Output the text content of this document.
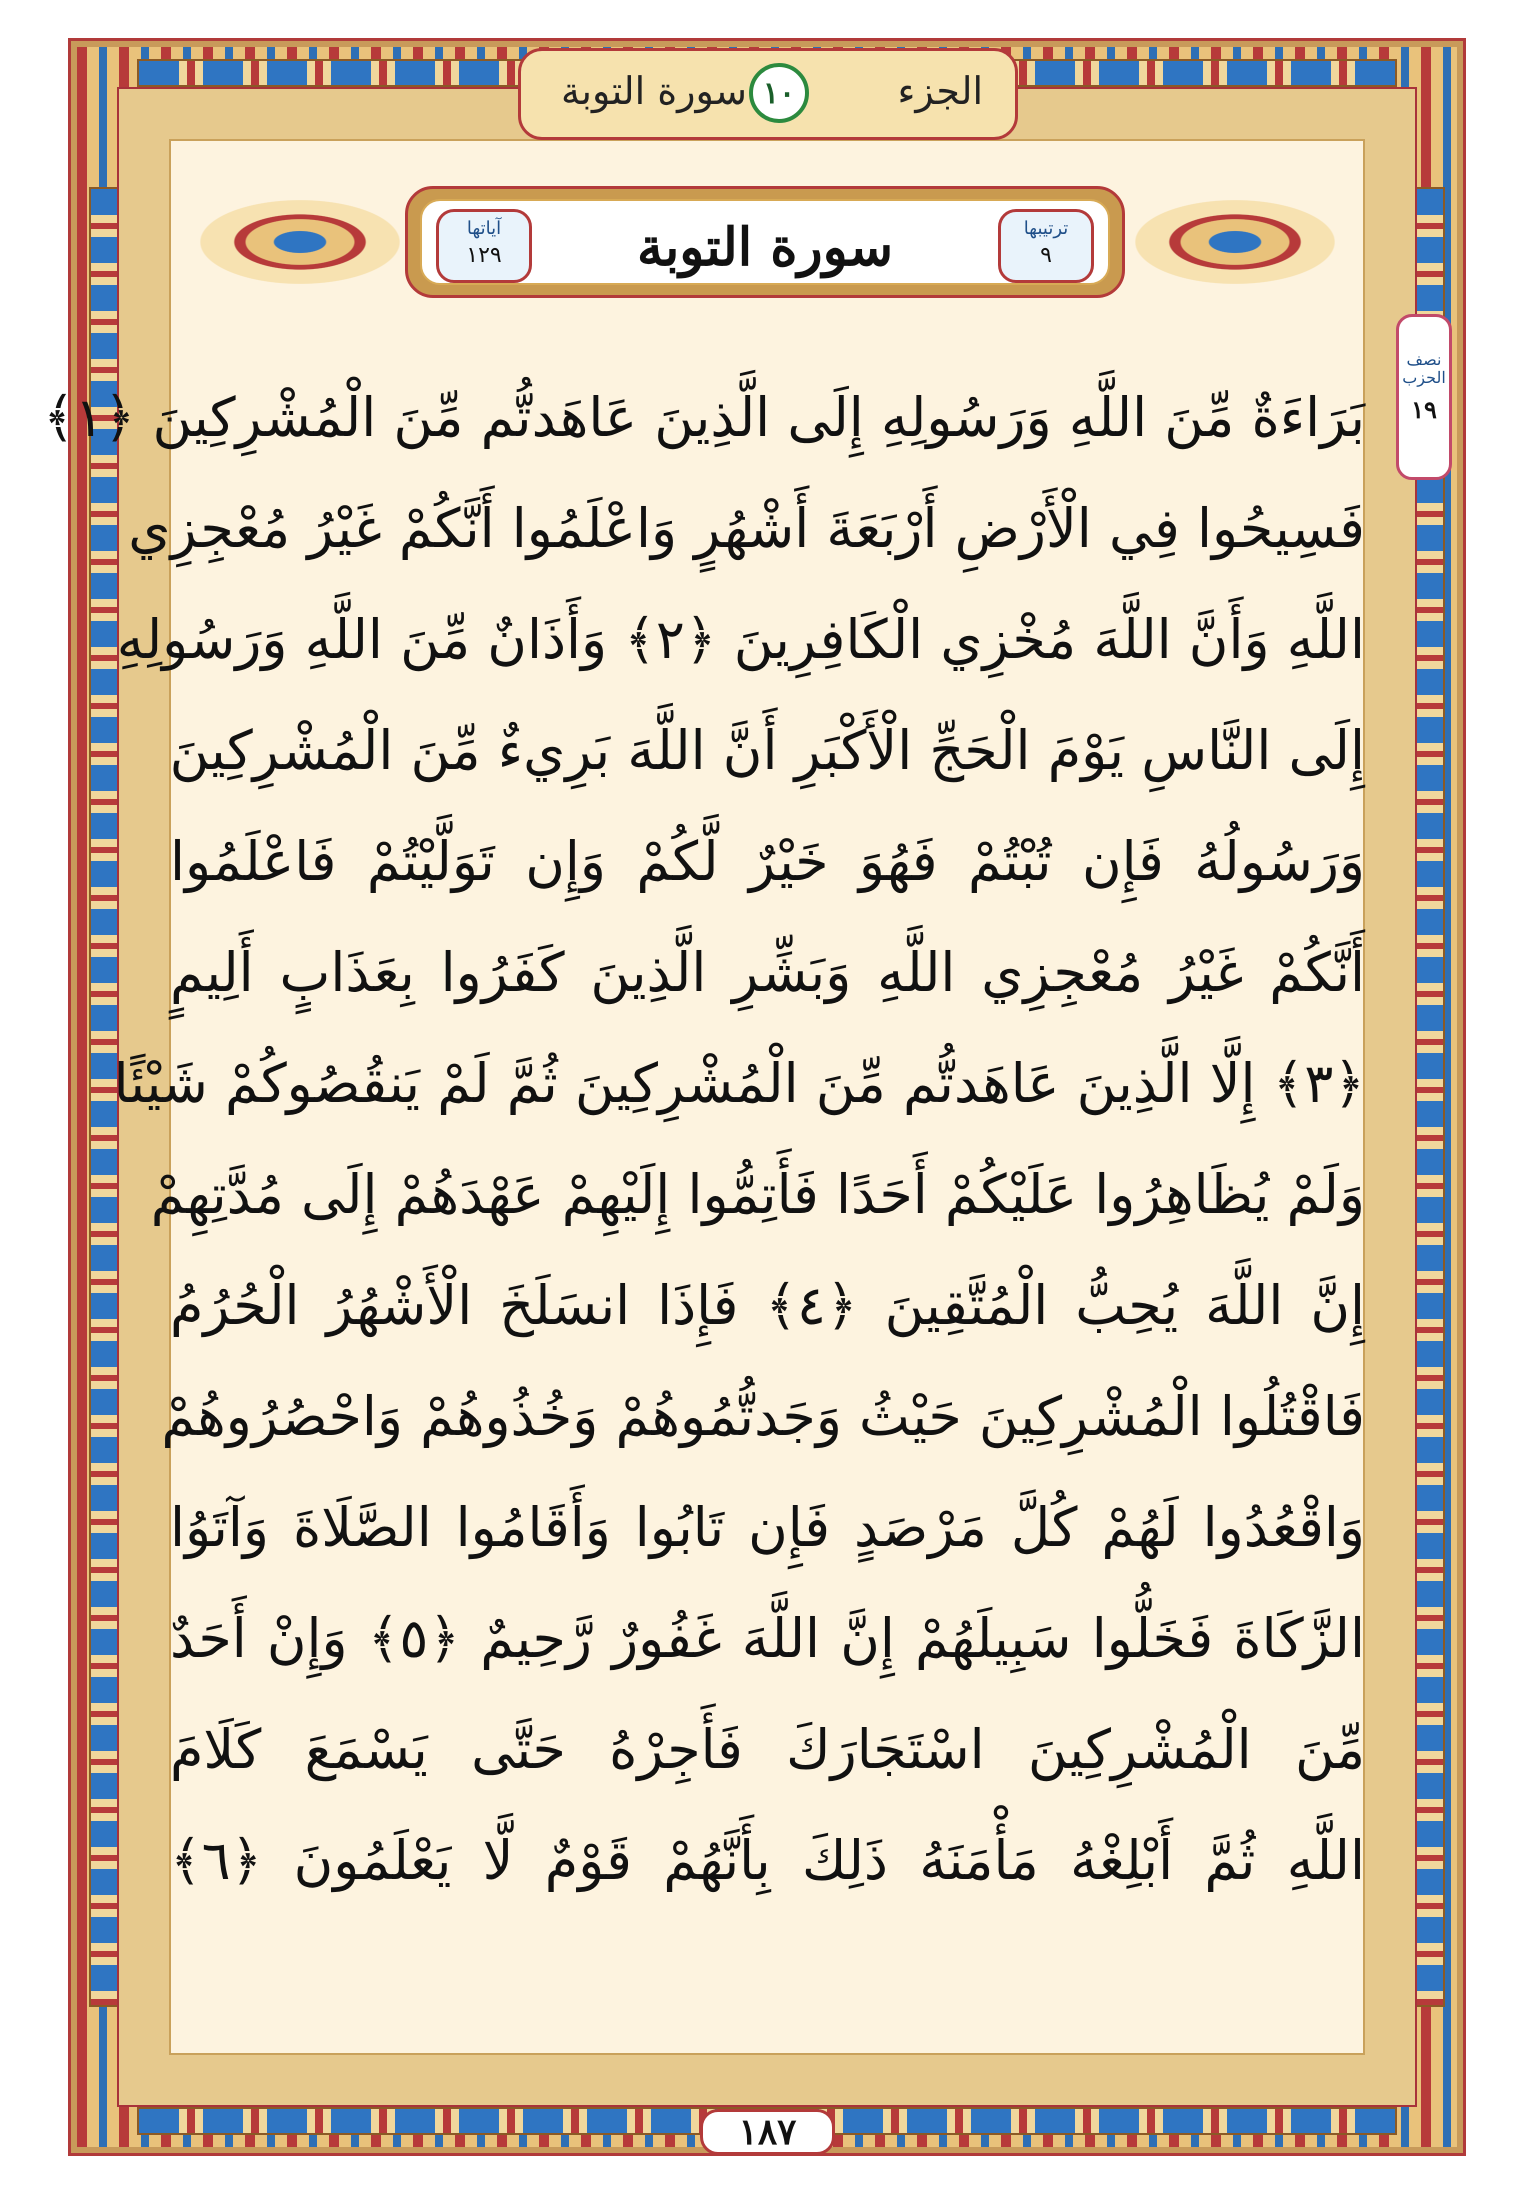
سورة التوبة ١٠	الجزء
آياتها
١٢٩	سورة التوبة	ترتيبها
٩
نصف الحزب
١٩
بَرَاءَةٌ مِّنَ اللَّهِ وَرَسُولِهِ إِلَى الَّذِينَ عَاهَدتُّم مِّنَ الْمُشْرِكِينَ ﴿١﴾
فَسِيحُوا فِي الْأَرْضِ أَرْبَعَةَ أَشْهُرٍ وَاعْلَمُوا أَنَّكُمْ غَيْرُ مُعْجِزِي
اللَّهِ وَأَنَّ اللَّهَ مُخْزِي الْكَافِرِينَ ﴿٢﴾ وَأَذَانٌ مِّنَ اللَّهِ وَرَسُولِهِ
إِلَى النَّاسِ يَوْمَ الْحَجِّ الْأَكْبَرِ أَنَّ اللَّهَ بَرِيءٌ مِّنَ الْمُشْرِكِينَ
وَرَسُولُهُ فَإِن تُبْتُمْ فَهُوَ خَيْرٌ لَّكُمْ وَإِن تَوَلَّيْتُمْ فَاعْلَمُوا
أَنَّكُمْ غَيْرُ مُعْجِزِي اللَّهِ وَبَشِّرِ الَّذِينَ كَفَرُوا بِعَذَابٍ أَلِيمٍ
﴿٣﴾ إِلَّا الَّذِينَ عَاهَدتُّم مِّنَ الْمُشْرِكِينَ ثُمَّ لَمْ يَنقُصُوكُمْ شَيْئًا
وَلَمْ يُظَاهِرُوا عَلَيْكُمْ أَحَدًا فَأَتِمُّوا إِلَيْهِمْ عَهْدَهُمْ إِلَى مُدَّتِهِمْ
إِنَّ اللَّهَ يُحِبُّ الْمُتَّقِينَ ﴿٤﴾ فَإِذَا انسَلَخَ الْأَشْهُرُ الْحُرُمُ
فَاقْتُلُوا الْمُشْرِكِينَ حَيْثُ وَجَدتُّمُوهُمْ وَخُذُوهُمْ وَاحْصُرُوهُمْ
وَاقْعُدُوا لَهُمْ كُلَّ مَرْصَدٍ فَإِن تَابُوا وَأَقَامُوا الصَّلَاةَ وَآتَوُا
الزَّكَاةَ فَخَلُّوا سَبِيلَهُمْ إِنَّ اللَّهَ غَفُورٌ رَّحِيمٌ ﴿٥﴾ وَإِنْ أَحَدٌ
مِّنَ الْمُشْرِكِينَ اسْتَجَارَكَ فَأَجِرْهُ حَتَّى يَسْمَعَ كَلَامَ
اللَّهِ ثُمَّ أَبْلِغْهُ مَأْمَنَهُ ذَلِكَ بِأَنَّهُمْ قَوْمٌ لَّا يَعْلَمُونَ ﴿٦﴾
١٨٧
